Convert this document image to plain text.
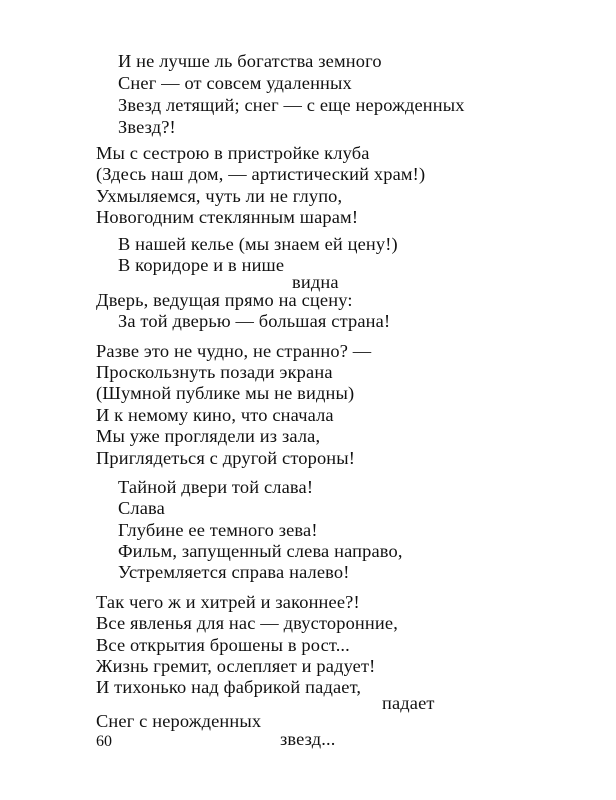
И не лучше ль богатства земного
Снег — от совсем удаленных
Звезд летящий; снег — с еще нерожденных
Звезд?!
Мы с сестрою в пристройке клуба
(Здесь наш дом, — артистический храм!)
Ухмыляемся, чуть ли не глупо,
Новогодним стеклянным шарам!
В нашей келье (мы знаем ей цену!)
В коридоре и в нише
видна
Дверь, ведущая прямо на сцену:
За той дверью — большая страна!
Разве это не чудно, не странно? —
Проскользнуть позади экрана
(Шумной публике мы не видны)
И к немому кино, что сначала
Мы уже проглядели из зала,
Приглядеться с другой стороны!
Тайной двери той слава!
Слава
Глубине ее темного зева!
Фильм, запущенный слева направо,
Устремляется справа налево!
Так чего ж и хитрей и законнее?!
Все явленья для нас — двусторонние,
Все открытия брошены в рост...
Жизнь гремит, ослепляет и радует!
И тихонько над фабрикой падает,
падает
Снег с нерожденных
звезд...
60
